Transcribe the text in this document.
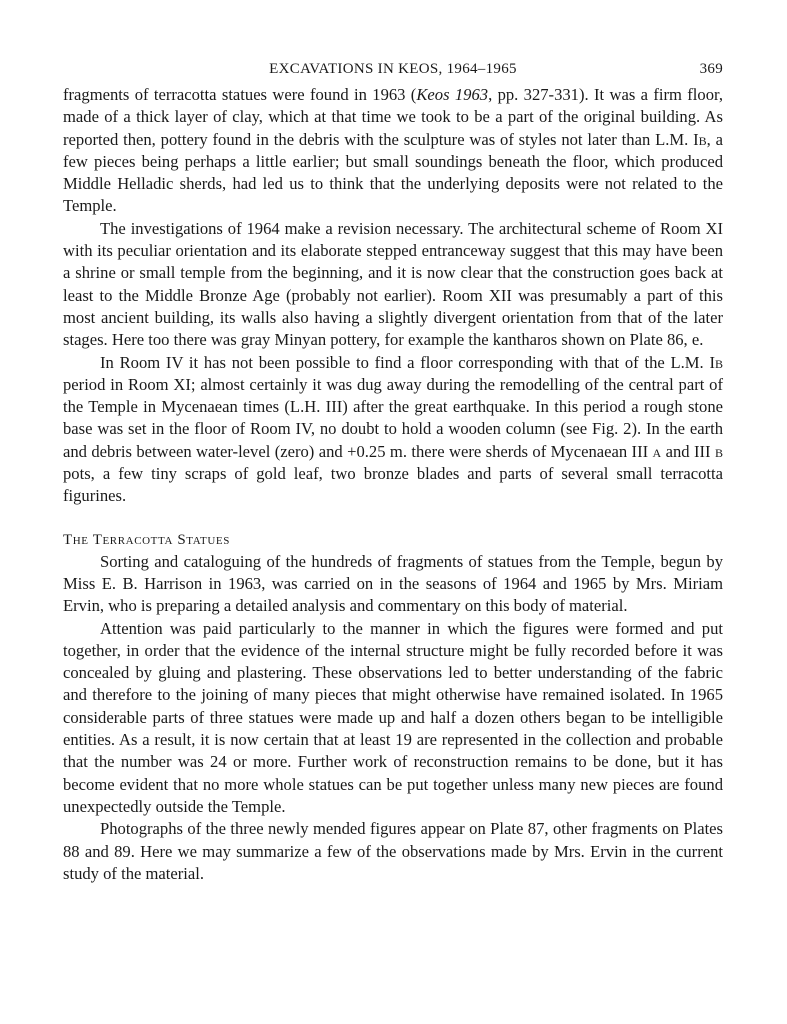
EXCAVATIONS IN KEOS, 1964–1965	369

fragments of terracotta statues were found in 1963 (Keos 1963, pp. 327-331). It was a firm floor, made of a thick layer of clay, which at that time we took to be a part of the original building. As reported then, pottery found in the debris with the sculpture was of styles not later than L.M. Ib, a few pieces being perhaps a little earlier; but small soundings beneath the floor, which produced Middle Helladic sherds, had led us to think that the underlying deposits were not related to the Temple.

The investigations of 1964 make a revision necessary. The architectural scheme of Room XI with its peculiar orientation and its elaborate stepped entranceway suggest that this may have been a shrine or small temple from the beginning, and it is now clear that the construction goes back at least to the Middle Bronze Age (probably not earlier). Room XII was presumably a part of this most ancient building, its walls also having a slightly divergent orientation from that of the later stages. Here too there was gray Minyan pottery, for example the kantharos shown on Plate 86, e.

In Room IV it has not been possible to find a floor corresponding with that of the L.M. Ib period in Room XI; almost certainly it was dug away during the remodelling of the central part of the Temple in Mycenaean times (L.H. III) after the great earthquake. In this period a rough stone base was set in the floor of Room IV, no doubt to hold a wooden column (see Fig. 2). In the earth and debris between water-level (zero) and +0.25 m. there were sherds of Mycenaean III a and III b pots, a few tiny scraps of gold leaf, two bronze blades and parts of several small terracotta figurines.

The Terracotta Statues

Sorting and cataloguing of the hundreds of fragments of statues from the Temple, begun by Miss E. B. Harrison in 1963, was carried on in the seasons of 1964 and 1965 by Mrs. Miriam Ervin, who is preparing a detailed analysis and commentary on this body of material.

Attention was paid particularly to the manner in which the figures were formed and put together, in order that the evidence of the internal structure might be fully recorded before it was concealed by gluing and plastering. These observations led to better understanding of the fabric and therefore to the joining of many pieces that might otherwise have remained isolated. In 1965 considerable parts of three statues were made up and half a dozen others began to be intelligible entities. As a result, it is now certain that at least 19 are represented in the collection and probable that the number was 24 or more. Further work of reconstruction remains to be done, but it has become evident that no more whole statues can be put together unless many new pieces are found unexpectedly outside the Temple.

Photographs of the three newly mended figures appear on Plate 87, other fragments on Plates 88 and 89. Here we may summarize a few of the observations made by Mrs. Ervin in the current study of the material.
